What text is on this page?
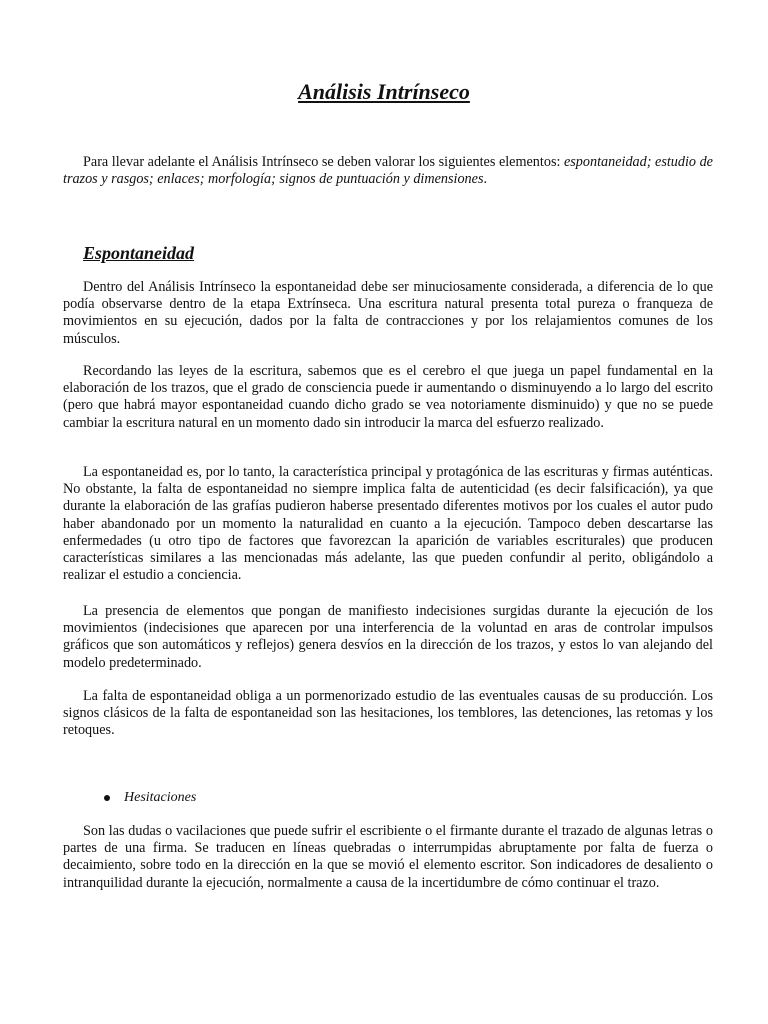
Análisis Intrínseco

Para llevar adelante el Análisis Intrínseco se deben valorar los siguientes elementos: espontaneidad; estudio de trazos y rasgos; enlaces; morfología; signos de puntuación y dimensiones.

Espontaneidad

Dentro del Análisis Intrínseco la espontaneidad debe ser minuciosamente considerada, a diferencia de lo que podía observarse dentro de la etapa Extrínseca. Una escritura natural presenta total pureza o franqueza de movimientos en su ejecución, dados por la falta de contracciones y por los relajamientos comunes de los músculos.

Recordando las leyes de la escritura, sabemos que es el cerebro el que juega un papel fundamental en la elaboración de los trazos, que el grado de consciencia puede ir aumentando o disminuyendo a lo largo del escrito (pero que habrá mayor espontaneidad cuando dicho grado se vea notoriamente disminuido) y que no se puede cambiar la escritura natural en un momento dado sin introducir la marca del esfuerzo realizado.

La espontaneidad es, por lo tanto, la característica principal y protagónica de las escrituras y firmas auténticas. No obstante, la falta de espontaneidad no siempre implica falta de autenticidad (es decir falsificación), ya que durante la elaboración de las grafías pudieron haberse presentado diferentes motivos por los cuales el autor pudo haber abandonado por un momento la naturalidad en cuanto a la ejecución. Tampoco deben descartarse las enfermedades (u otro tipo de factores que favorezcan la aparición de variables escriturales) que producen características similares a las mencionadas más adelante, las que pueden confundir al perito, obligándolo a realizar el estudio a conciencia.

La presencia de elementos que pongan de manifiesto indecisiones surgidas durante la ejecución de los movimientos (indecisiones que aparecen por una interferencia de la voluntad en aras de controlar impulsos gráficos que son automáticos y reflejos) genera desvíos en la dirección de los trazos, y estos lo van alejando del modelo predeterminado.

La falta de espontaneidad obliga a un pormenorizado estudio de las eventuales causas de su producción. Los signos clásicos de la falta de espontaneidad son las hesitaciones, los temblores, las detenciones, las retomas y los retoques.

Hesitaciones

Son las dudas o vacilaciones que puede sufrir el escribiente o el firmante durante el trazado de algunas letras o partes de una firma. Se traducen en líneas quebradas o interrumpidas abruptamente por falta de fuerza o decaimiento, sobre todo en la dirección en la que se movió el elemento escritor. Son indicadores de desaliento o intranquilidad durante la ejecución, normalmente a causa de la incertidumbre de cómo continuar el trazo.
